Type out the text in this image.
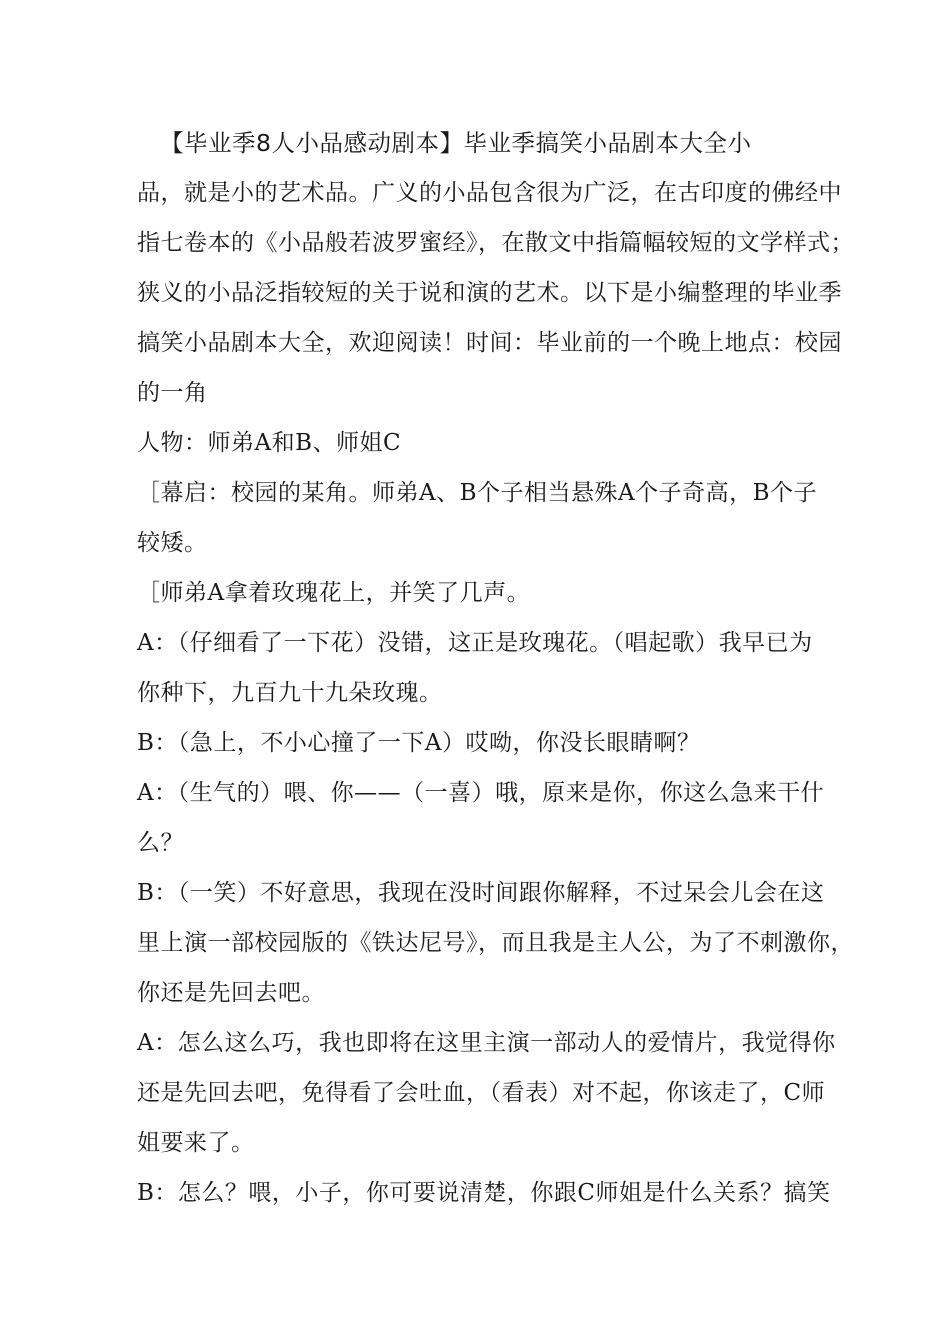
【毕业季8人小品感动剧本】毕业季搞笑小品剧本大全小
品，就是小的艺术品。广义的小品包含很为广泛，在古印度的佛经中
指七卷本的《小品般若波罗蜜经》，在散文中指篇幅较短的文学样式；
狭义的小品泛指较短的关于说和演的艺术。以下是小编整理的毕业季
搞笑小品剧本大全，欢迎阅读！时间：毕业前的一个晚上地点：校园
的一角
人物：师弟A和B、师姐C
［幕启：校园的某角。师弟A、B个子相当悬殊A个子奇高，B个子
较矮。
［师弟A拿着玫瑰花上，并笑了几声。
A：（仔细看了一下花）没错，这正是玫瑰花。（唱起歌）我早已为
你种下，九百九十九朵玫瑰。
B：（急上，不小心撞了一下A）哎呦，你没长眼睛啊？
A：（生气的）喂、你——（一喜）哦，原来是你，你这么急来干什
么？
B：（一笑）不好意思，我现在没时间跟你解释，不过呆会儿会在这
里上演一部校园版的《铁达尼号》，而且我是主人公，为了不刺激你，
你还是先回去吧。
A：怎么这么巧，我也即将在这里主演一部动人的爱情片，我觉得你
还是先回去吧，免得看了会吐血，（看表）对不起，你该走了，C师
姐要来了。
B：怎么？喂，小子，你可要说清楚，你跟C师姐是什么关系？搞笑
